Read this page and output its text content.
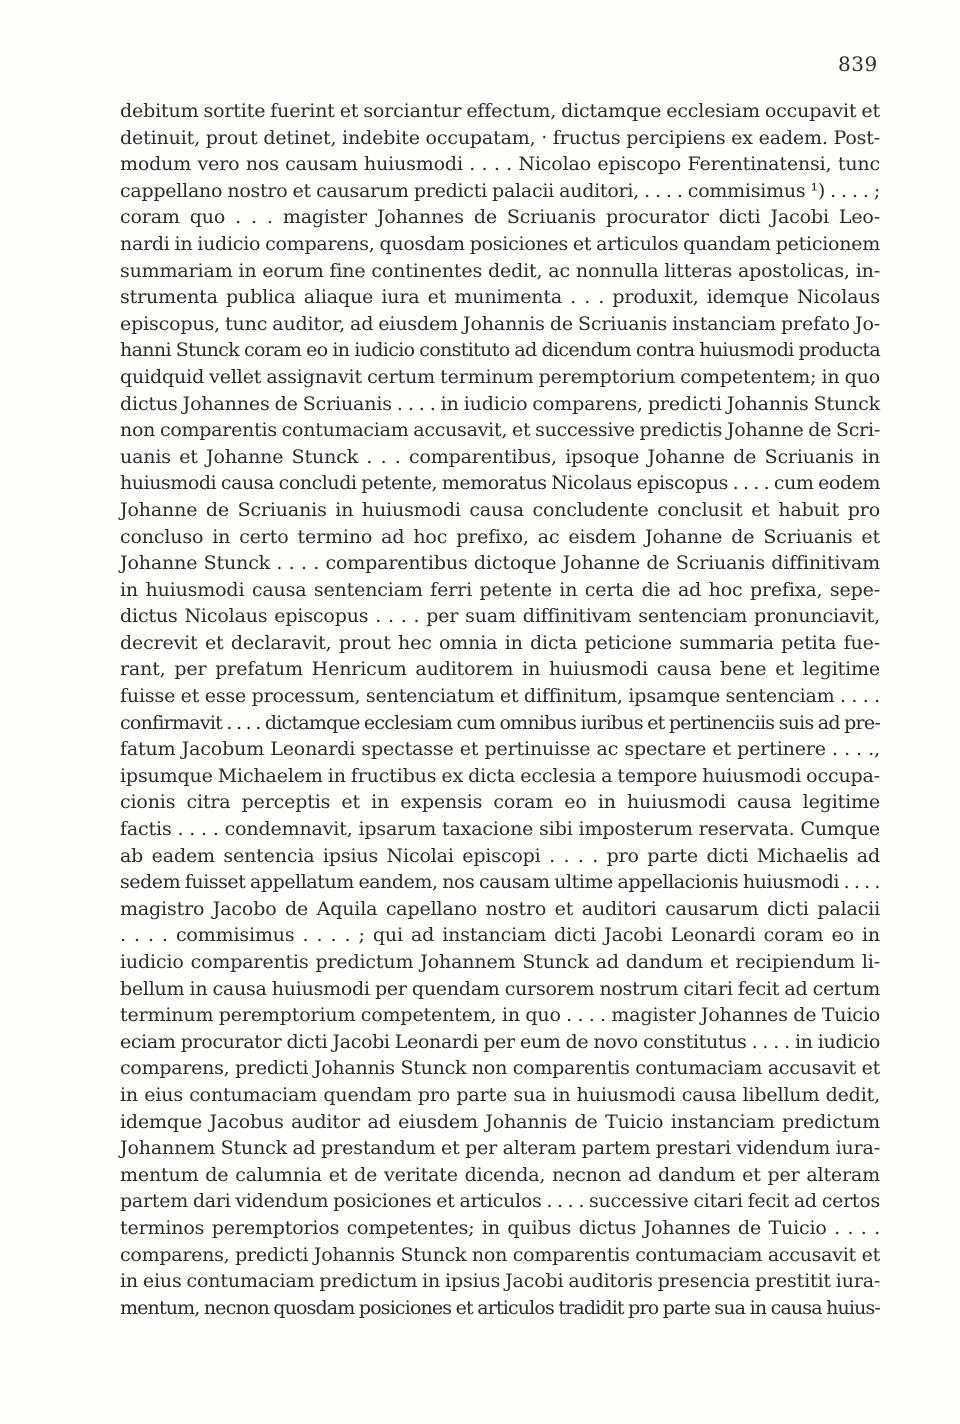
839
debitum sortite fuerint et sorciantur effectum, dictamque ecclesiam occupavit et
detinuit, prout detinet, indebite occupatam, ‧ fructus percipiens ex eadem. Post-
modum vero nos causam huiusmodi . . . . Nicolao episcopo Ferentinatensi, tunc
cappellano nostro et causarum predicti palacii auditori, . . . . commisimus ¹) . . . . ;
coram quo . . . magister Johannes de Scriuanis procurator dicti Jacobi Leo-
nardi in iudicio comparens, quosdam posiciones et articulos quandam peticionem
summariam in eorum fine continentes dedit, ac nonnulla litteras apostolicas, in-
strumenta publica aliaque iura et munimenta . . . produxit, idemque Nicolaus
episcopus, tunc auditor, ad eiusdem Johannis de Scriuanis instanciam prefato Jo-
hanni Stunck coram eo in iudicio constituto ad dicendum contra huiusmodi producta
quidquid vellet assignavit certum terminum peremptorium competentem; in quo
dictus Johannes de Scriuanis . . . . in iudicio comparens, predicti Johannis Stunck
non comparentis contumaciam accusavit, et successive predictis Johanne de Scri-
uanis et Johanne Stunck . . . comparentibus, ipsoque Johanne de Scriuanis in
huiusmodi causa concludi petente, memoratus Nicolaus episcopus . . . . cum eodem
Johanne de Scriuanis in huiusmodi causa concludente conclusit et habuit pro
concluso in certo termino ad hoc prefixo, ac eisdem Johanne de Scriuanis et
Johanne Stunck . . . . comparentibus dictoque Johanne de Scriuanis diffinitivam
in huiusmodi causa sentenciam ferri petente in certa die ad hoc prefixa, sepe-
dictus Nicolaus episcopus . . . . per suam diffinitivam sentenciam pronunciavit,
decrevit et declaravit, prout hec omnia in dicta peticione summaria petita fue-
rant, per prefatum Henricum auditorem in huiusmodi causa bene et legitime
fuisse et esse processum, sentenciatum et diffinitum, ipsamque sentenciam . . . .
confirmavit . . . . dictamque ecclesiam cum omnibus iuribus et pertinenciis suis ad pre-
fatum Jacobum Leonardi spectasse et pertinuisse ac spectare et pertinere . . . .,
ipsumque Michaelem in fructibus ex dicta ecclesia a tempore huiusmodi occupa-
cionis citra perceptis et in expensis coram eo in huiusmodi causa legitime
factis . . . . condemnavit, ipsarum taxacione sibi imposterum reservata. Cumque
ab eadem sentencia ipsius Nicolai episcopi . . . . pro parte dicti Michaelis ad
sedem fuisset appellatum eandem, nos causam ultime appellacionis huiusmodi . . . .
magistro Jacobo de Aquila capellano nostro et auditori causarum dicti palacii
. . . . commisimus . . . . ; qui ad instanciam dicti Jacobi Leonardi coram eo in
iudicio comparentis predictum Johannem Stunck ad dandum et recipiendum li-
bellum in causa huiusmodi per quendam cursorem nostrum citari fecit ad certum
terminum peremptorium competentem, in quo . . . . magister Johannes de Tuicio
eciam procurator dicti Jacobi Leonardi per eum de novo constitutus . . . . in iudicio
comparens, predicti Johannis Stunck non comparentis contumaciam accusavit et
in eius contumaciam quendam pro parte sua in huiusmodi causa libellum dedit,
idemque Jacobus auditor ad eiusdem Johannis de Tuicio instanciam predictum
Johannem Stunck ad prestandum et per alteram partem prestari videndum iura-
mentum de calumnia et de veritate dicenda, necnon ad dandum et per alteram
partem dari videndum posiciones et articulos . . . . successive citari fecit ad certos
terminos peremptorios competentes; in quibus dictus Johannes de Tuicio . . . .
comparens, predicti Johannis Stunck non comparentis contumaciam accusavit et
in eius contumaciam predictum in ipsius Jacobi auditoris presencia prestitit iura-
mentum, necnon quosdam posiciones et articulos tradidit pro parte sua in causa huius-
